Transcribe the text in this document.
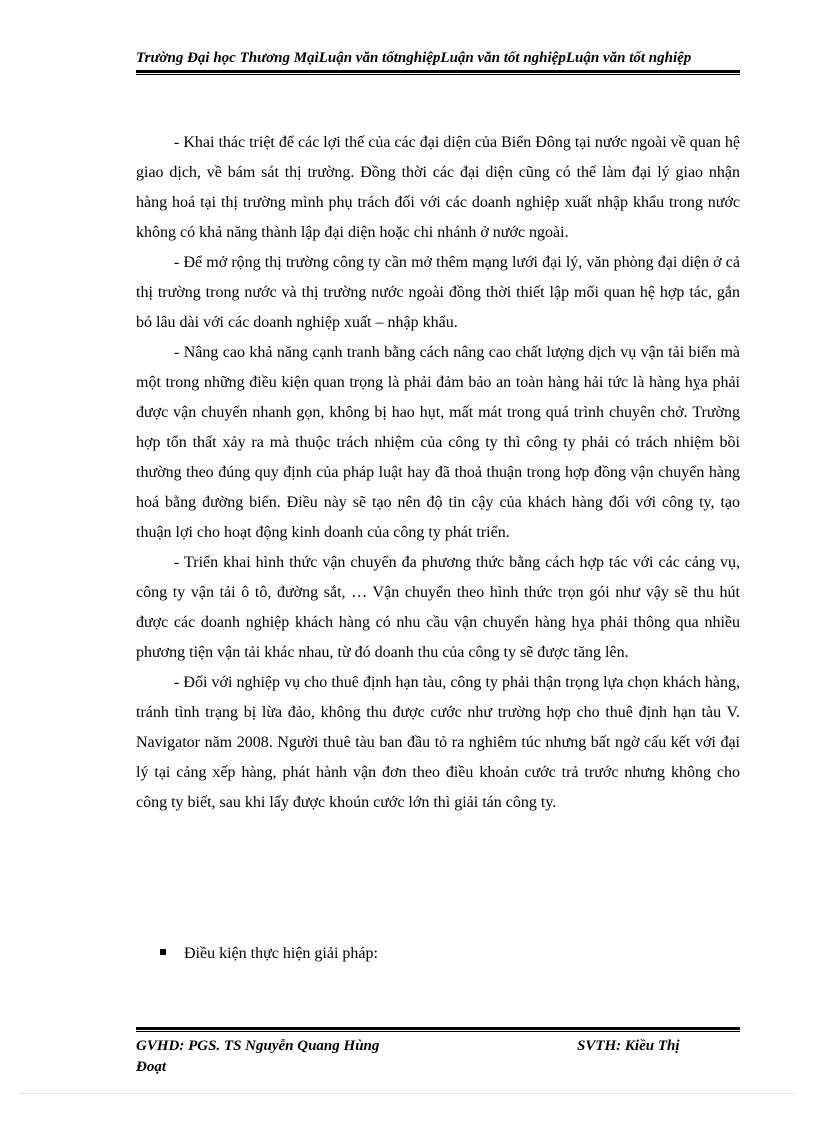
Trường Đại học Thương MạiLuận văn tốtnghiệpLuận văn tốt nghiệpLuận văn tốt nghiệp

- Khai thác triệt để các lợi thế của các đại diện của Biển Đông tại nước ngoài về quan hệ giao dịch, về bám sát thị trường. Đồng thời các đại diện cũng có thể làm đại lý giao nhận hàng hoá tại thị trường mình phụ trách đối với các doanh nghiệp xuất nhập khẩu trong nước không có khả năng thành lập đại diện hoặc chi nhánh ở nước ngoài.

- Để mở rộng thị trường công ty cần mở thêm mạng lưới đại lý, văn phòng đại diện ở cả thị trường trong nước và thị trường nước ngoài đồng thời thiết lập mối quan hệ hợp tác, gắn bó lâu dài với các doanh nghiệp xuất – nhập khẩu.

- Nâng cao khả năng cạnh tranh bằng cách nâng cao chất lượng dịch vụ vận tải biển mà một trong những điều kiện quan trọng là phải đảm bảo an toàn hàng hải tức là hàng hỵa phải được vận chuyển nhanh gọn, không bị hao hụt, mất mát trong quá trình chuyên chở. Trường hợp tổn thất xảy ra mà thuộc trách nhiệm của công ty thì công ty phải có trách nhiệm bồi thường theo đúng quy định của pháp luật hay đã thoả thuận trong hợp đồng vận chuyển hàng hoá bằng đường biển. Điều này sẽ tạo nên độ tin cậy của khách hàng đối với công ty, tạo thuận lợi cho hoạt động kinh doanh của công ty phát triển.

- Triển khai hình thức vận chuyển đa phương thức bằng cách hợp tác với các cảng vụ, công ty vận tải ô tô, đường sắt, … Vận chuyển theo hình thức trọn gói như vậy sẽ thu hút được các doanh nghiệp khách hàng có nhu cầu vận chuyển hàng hỵa phải thông qua nhiều phương tiện vận tải khác nhau, từ đó doanh thu của công ty sẽ được tăng lên.

- Đối với nghiệp vụ cho thuê định hạn tàu, công ty phải thận trọng lựa chọn khách hàng, tránh tình trạng bị lừa đảo, không thu được cước như trường hợp cho thuê định hạn tàu V. Navigator năm 2008. Người thuê tàu ban đầu tỏ ra nghiêm túc nhưng bất ngờ cấu kết với đại lý tại cảng xếp hàng, phát hành vận đơn theo điều khoản cước trả trước nhưng không cho công ty biết, sau khi lấy được khoún cước lớn thì giải tán công ty.

Điều kiện thực hiện giải pháp:
GVHD: PGS. TS Nguyễn Quang Hùng	SVTH: Kiều Thị
Đoạt
